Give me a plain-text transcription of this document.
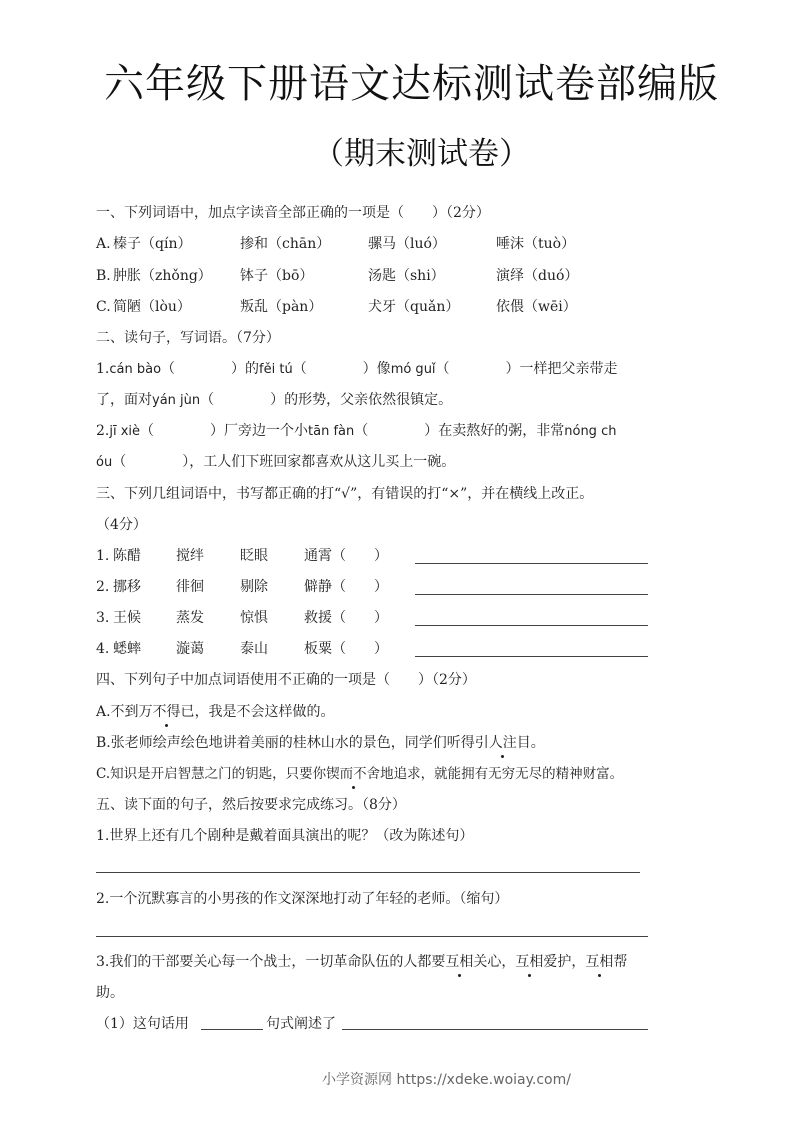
六年级下册语文达标测试卷部编版
（期末测试卷）
一、下列词语中，加点字读音全部正确的一项是（　　）（2分）
A. 榛子（qín）	掺和（chān）	骡马（luó）	唾沫（tuò）
B. 肿胀（zhǒng） 钵子（bō）	汤匙（shi）	演绎（duó）
C. 简陋（lòu）	叛乱（pàn）	犬牙（quǎn）	依偎（wēi）
二、读句子，写词语。（7分）
1.cán bào（　　　　）的fěi tú（　　　　）像mó guǐ（　　　　）一样把父亲带走
了，面对yán jùn（　　　　）的形势，父亲依然很镇定。
2.jī xiè（　　　　）厂旁边一个小tān fàn（　　　　）在卖熬好的粥，非常nóng ch
óu（　　　　），工人们下班回家都喜欢从这儿买上一碗。
三、下列几组词语中，书写都正确的打“√”，有错误的打“×”，并在横线上改正。
（4分）
1. 陈醋	搅绊	眨眼	通霄（　　）
2. 挪移	徘徊	剔除	僻静（　　）
3. 王候	蒸发	惊惧	救援（　　）
4. 蟋蟀	漩蔼	泰山	板粟（　　）
四、下列句子中加点词语使用不正确的一项是（　　）（2分）
A.不到万不得已，我是不会这样做的。
B.张老师绘声绘色地讲着美丽的桂林山水的景色，同学们听得引人注目。
C.知识是开启智慧之门的钥匙，只要你锲而不舍地追求，就能拥有无穷无尽的精神财富。
五、读下面的句子，然后按要求完成练习。（8分）
1.世界上还有几个剧种是戴着面具演出的呢？（改为陈述句）
2.一个沉默寡言的小男孩的作文深深地打动了年轻的老师。（缩句）
3.我们的干部要关心每一个战士，一切革命队伍的人都要互相关心，互相爱护，互相帮
助。
（1）这句话用	句式阐述了
小学资源网 https://xdeke.woiay.com/
